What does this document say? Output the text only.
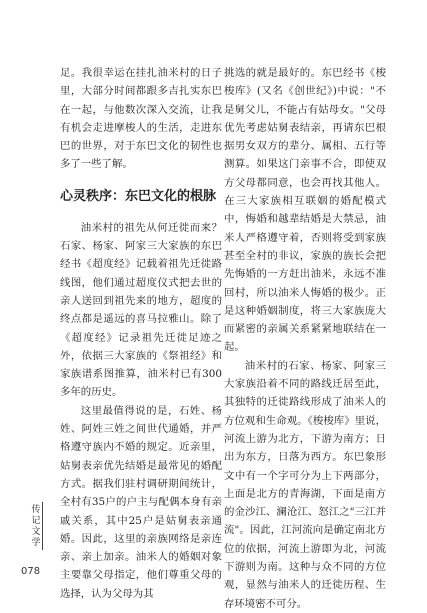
足。我很幸运在挂扎油米村的日子里，大部分时间都跟多吉扎实东巴在一起，与他数次深入交流，让我有机会走进摩梭人的生活，走进东巴的世界，对于东巴文化的韧性也多了一些了解。

心灵秩序：东巴文化的根脉

油米村的祖先从何迁徙而来？石家、杨家、阿家三大家族的东巴经书《超度经》记载着祖先迁徙路线图，他们通过超度仪式把去世的亲人送回到祖先来的地方，超度的终点都是遥远的喜马拉雅山。除了《超度经》记录祖先迁徙足迹之外，依据三大家族的《祭祖经》和家族谱系图推算，油米村已有300多年的历史。

这里最值得说的是，石姓、杨姓、阿姓三姓之间世代通婚，并严格遵守族内不婚的规定。近亲里，姑舅表亲优先结婚是最常见的婚配方式。据我们驻村调研期间统计，全村有35户的户主与配偶本身有亲戚关系，其中25户是姑舅表亲通婚。因此，这里的亲族网络是亲连亲、亲上加亲。油米人的婚姻对象主要靠父母指定，他们尊重父母的选择，认为父母为其

挑选的就是最好的。东巴经书《梭梭库》(又名《创世纪》)中说："不是舅父儿，不能占有姑母女。"父母优先考虑姑舅表结亲，再请东巴根据男女双方的辈分、属相、五行等测算。如果这门亲事不合，即使双方父母都同意，也会再找其他人。在三大家族相互联姻的婚配模式中，悔婚和越辈结婚是大禁忌，油米人严格遵守着，否则将受到家族甚至全村的非议，家族的族长会把先悔婚的一方赶出油米，永远不准回村，所以油米人悔婚的极少。正是这种婚姻制度，将三大家族庞大而紧密的亲属关系紧紧地联结在一起。

油米村的石家、杨家、阿家三大家族沿着不同的路线迁居至此，其独特的迁徙路线形成了油米人的方位观和生命观。《梭梭库》里说，河流上游为北方，下游为南方；日出为东方，日落为西方。东巴象形文中有一个字可分为上下两部分，上面是北方的青海湖，下面是南方的金沙江、澜沧江、怒江之"三江并流"。因此，江河流向是确定南北方位的依据，河流上游即为北，河流下游则为南。这种与众不同的方位观，显然与油米人的迁徙历程、生存环境密不可分。

传记文学
078
